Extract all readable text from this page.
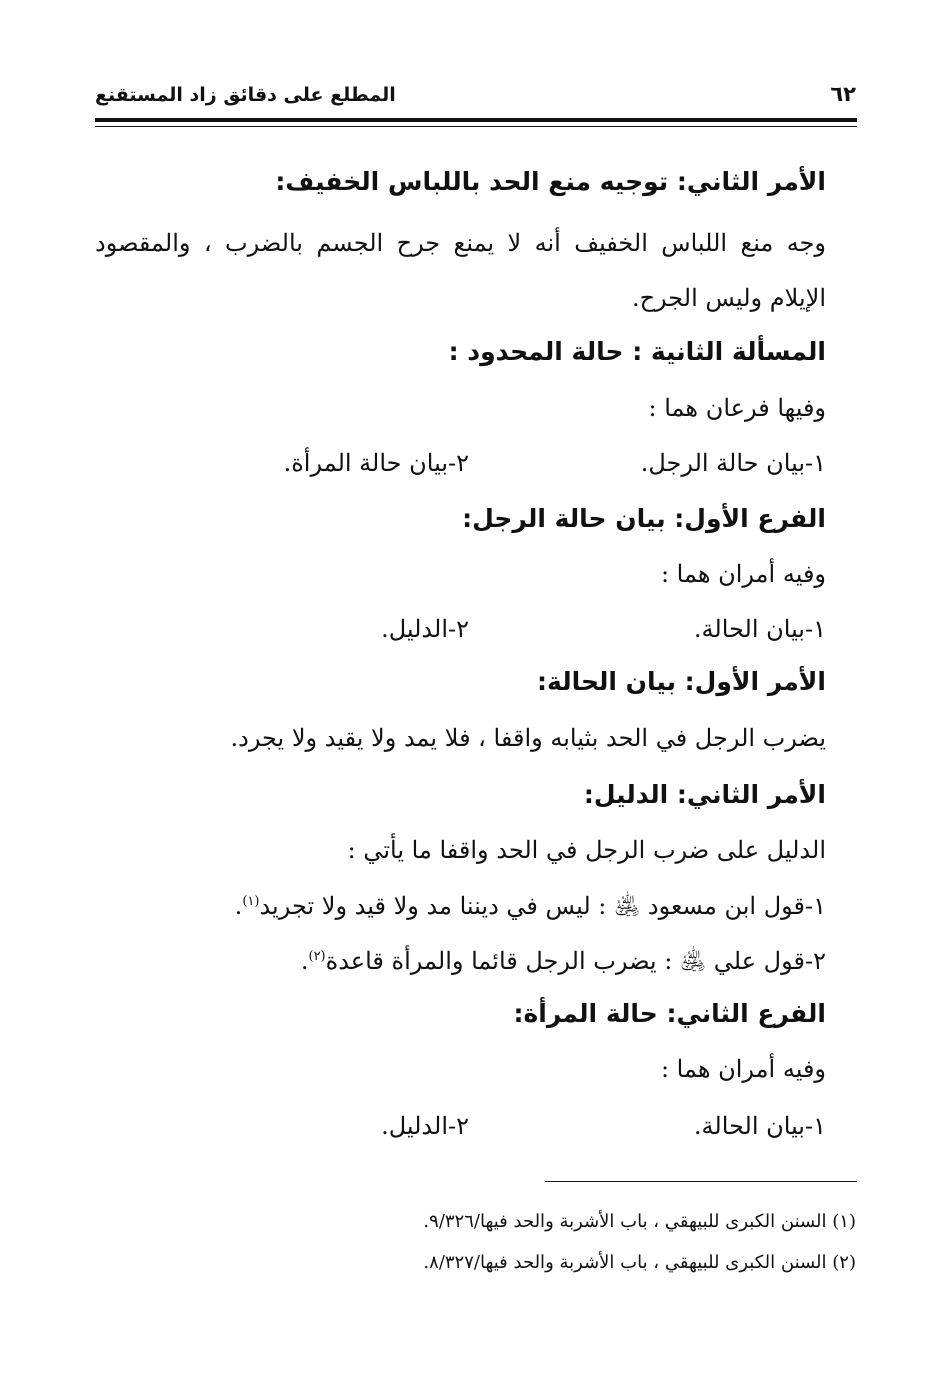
٦٢
المطلع على دقائق زاد المستقنع
الأمر الثاني: توجيه منع الحد باللباس الخفيف:
وجه منع اللباس الخفيف أنه لا يمنع جرح الجسم بالضرب ، والمقصود
الإيلام وليس الجرح.
المسألة الثانية : حالة المحدود :
وفيها فرعان هما :
١-بيان حالة الرجل.
٢-بيان حالة المرأة.
الفرع الأول: بيان حالة الرجل:
وفيه أمران هما :
١-بيان الحالة.
٢-الدليل.
الأمر الأول: بيان الحالة:
يضرب الرجل في الحد بثيابه واقفا ، فلا يمد ولا يقيد ولا يجرد.
الأمر الثاني: الدليل:
الدليل على ضرب الرجل في الحد واقفا ما يأتي :
١-قول ابن مسعود ﵁ : ليس في ديننا مد ولا قيد ولا تجريد$^{(١)}$.
٢-قول علي ﵁ : يضرب الرجل قائما والمرأة قاعدة$^{(٢)}$.
الفرع الثاني: حالة المرأة:
وفيه أمران هما :
١-بيان الحالة.
٢-الدليل.
(١) السنن الكبرى للبيهقي ، باب الأشربة والحد فيها/٩/٣٢٦.
(٢) السنن الكبرى للبيهقي ، باب الأشربة والحد فيها/٨/٣٢٧.
